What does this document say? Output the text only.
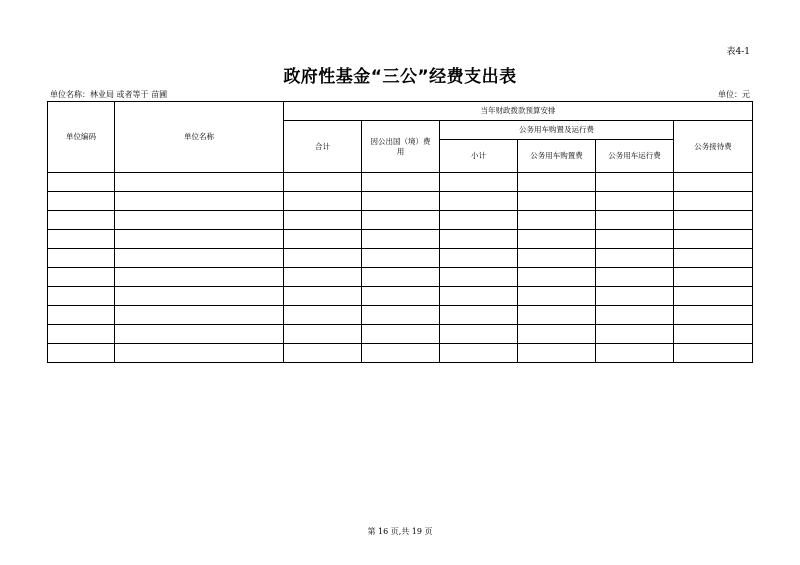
表4-1
政府性基金“三公”经费支出表
单位名称：林业局 或者等于 苗圃	单位：元
单位编码	单位名称	当年财政拨款预算安排					
		合计	因公出国（境）费用	公务用车购置及运行费			公务接待费
				小计	公务用车购置费	公务用车运行费	

第 16 页,共 19 页
